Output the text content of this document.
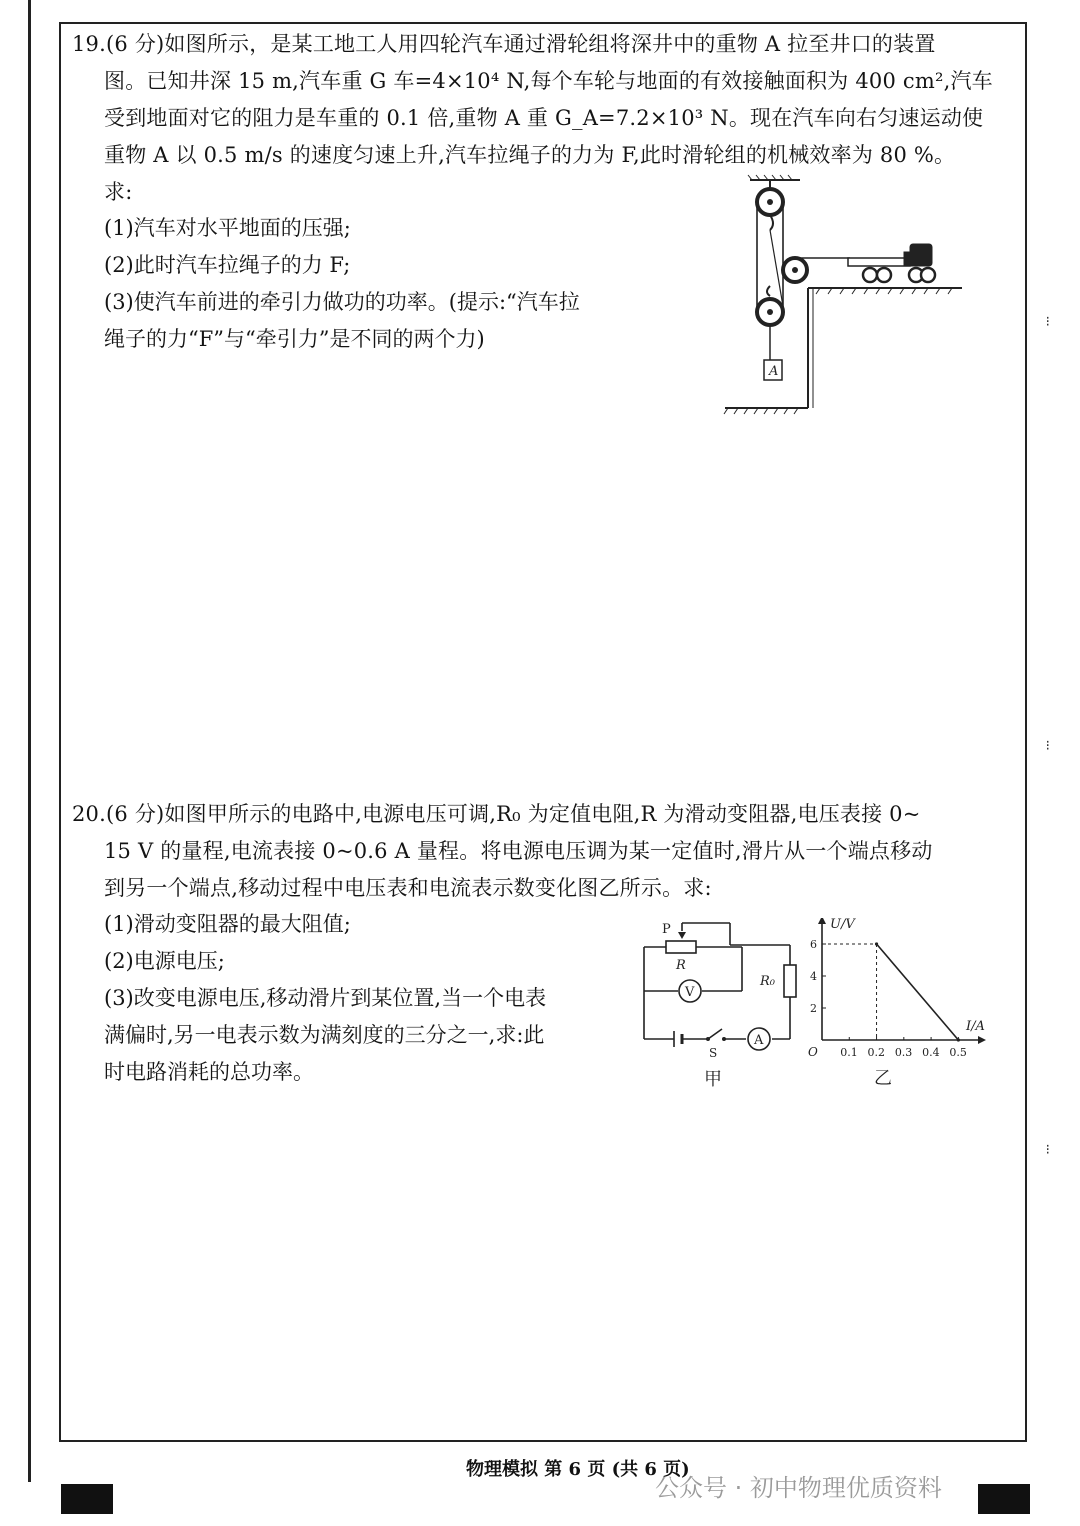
19.(6 分)如图所示，是某工地工人用四轮汽车通过滑轮组将深井中的重物 A 拉至井口的装置
图。已知井深 15 m,汽车重 G 车=4×10⁴ N,每个车轮与地面的有效接触面积为 400 cm²,汽车
受到地面对它的阻力是车重的 0.1 倍,重物 A 重 G_A=7.2×10³ N。现在汽车向右匀速运动使
重物 A 以 0.5 m/s 的速度匀速上升,汽车拉绳子的力为 F,此时滑轮组的机械效率为 80 %。
求:
(1)汽车对水平地面的压强;
(2)此时汽车拉绳子的力 F;
(3)使汽车前进的牵引力做功的功率。(提示:“汽车拉
绳子的力“F”与“牵引力”是不同的两个力)
A
⁝
⁝
⁝
20.(6 分)如图甲所示的电路中,电源电压可调,R₀ 为定值电阻,R 为滑动变阻器,电压表接 0~
15 V 的量程,电流表接 0~0.6 A 量程。将电源电压调为某一定值时,滑片从一个端点移动
到另一个端点,移动过程中电压表和电流表示数变化图乙所示。求:
(1)滑动变阻器的最大阻值;
(2)电源电压;
(3)改变电源电压,移动滑片到某位置,当一个电表
满偏时,另一电表示数为满刻度的三分之一,求:此
时电路消耗的总功率。
P
R
V
R₀
S
A
甲
U/V
I/A
O 0.1 0.2 0.3 0.4 0.5
2
4
6
乙
物理模拟 第 6 页 (共 6 页)
公众号 · 初中物理优质资料
